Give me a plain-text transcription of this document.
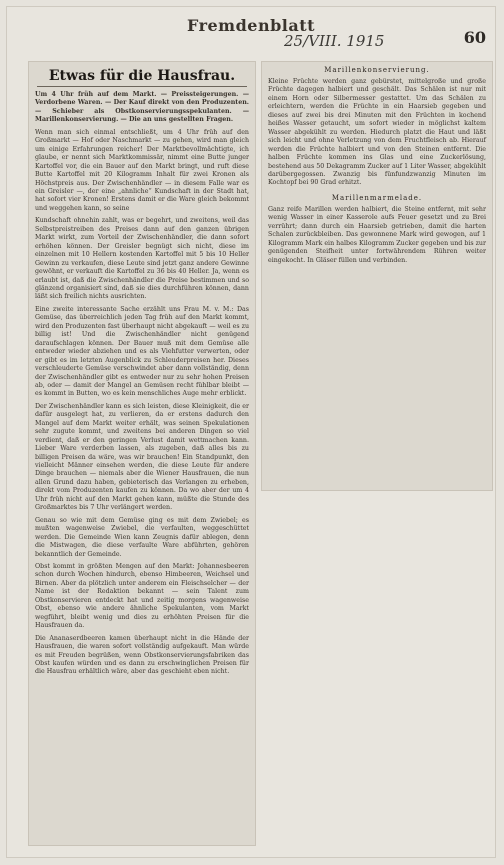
Fremdenblatt
25/VIII. 1915	60
Etwas für die Hausfrau.

Um 4 Uhr früh auf dem Markt. — Preissteigerungen. — Verdorbene Waren. — Der Kauf direkt von den Produzenten. — Schieber als Obstkonservierungsspekulanten. — Marillenkonservierung. — Die an uns gestellten Fragen.

Wenn man sich einmal entschließt, um 4 Uhr früh auf den Großmarkt — Hof oder Naschmarkt — zu gehen, wird man gleich um einige Erfahrungen reicher! Der Marktbevollmächtigte, ich glaube, er nennt sich Marktkommissär, nimmt eine Butte junger Kartoffel vor, die ein Bauer auf den Markt bringt, und ruft diese Butte Kartoffel mit 20 Kilogramm Inhalt für zwei Kronen als Höchstpreis aus. Der Zwischenhändler — in diesem Falle war es ein Greisler —, der eine „ahnliche“ Kundschaft in der Stadt hat, hat sofort vier Kronen! Erstens damit er die Ware gleich bekommt und weggehen kann, so seine

Kundschaft ohnehin zahlt, was er begehrt, und zweitens, weil das Selbstpreistreiben des Preises dann auf den ganzen übrigen Markt wirkt, zum Vorteil der Zwischenhändler, die dann sofort erhöhen können. Der Greisler begnügt sich nicht, diese im einzelnen mit 10 Hellern kostenden Kartoffel mit 5 bis 10 Heller Gewinn zu verkaufen, diese Leute sind jetzt ganz andere Gewinne gewöhnt, er verkauft die Kartoffel zu 36 bis 40 Heller. Ja, wenn es erlaubt ist, daß die Zwischenhändler die Preise bestimmen und so glänzend organisiert sind, daß sie dies durchführen können, dann läßt sich freilich nichts ausrichten.

Eine zweite interessante Sache erzählt uns Frau M. v. M.: Das Gemüse, das überreichlich jeden Tag früh auf den Markt kommt, wird den Produzenten fast überhaupt nicht abgekauft — weil es zu billig ist! Und die Zwischenhändler nicht genügend daraufschlagen können. Der Bauer muß mit dem Gemüse alle entweder wieder abziehen und es als Viehfutter verwerten, oder er gibt es im letzten Augenblick zu Schleuderpreisen her. Dieses verschleuderte Gemüse verschwindet aber dann vollständig, denn der Zwischenhändler gibt es entweder nur zu sehr hohen Preisen ab, oder — damit der Mangel an Gemüsen recht fühlbar bleibt — es kommt in Butten, wo es kein menschliches Auge mehr erblickt.

Der Zwischenhändler kann es sich leisten, diese Kleinigkeit, die er dafür ausgelegt hat, zu verlieren, da er erstens dadurch den Mangel auf dem Markt weiter erhält, was seinen Spekulationen sehr zugute kommt, und zweitens bei anderen Dingen so viel verdient, daß er den geringen Verlust damit wettmachen kann. Lieber Ware verderben lassen, als zugeben, daß alles bis zu billigen Preisen da wäre, was wir brauchen! Ein Standpunkt, den vielleicht Männer einsehen werden, die diese Leute für andere Dinge brauchen — niemals aber die Wiener Hausfrauen, die nun allen Grund dazu haben, gebieterisch das Verlangen zu erheben, direkt vom Produzenten kaufen zu können. Da wo aber der um 4 Uhr früh nicht auf den Markt gehen kann, müßte die Stunde des Großmarktes bis 7 Uhr verlängert werden.

Genau so wie mit dem Gemüse ging es mit dem Zwiebel; es mußten wagenweise Zwiebel, die verfaulten, weggeschüttet werden. Die Gemeinde Wien kann Zeugnis dafür ablegen, denn die Mistwagen, die diese verfaulte Ware abführten, gehören bekanntlich der Gemeinde.

Obst kommt in größten Mengen auf den Markt: Johannesbeeren schon durch Wochen hindurch, ebenso Himbeeren, Weichsel und Birnen. Aber da plötzlich unter anderem ein Fleischselcher — der Name ist der Redaktion bekannt — sein Talent zum Obstkonservieren entdeckt hat und zeitig morgens wagenweise Obst, ebenso wie andere ähnliche Spekulanten, vom Markt wegführt, bleibt wenig und dies zu erhöhten Preisen für die Hausfrauen da.

Die Ananaserdbeeren kamen überhaupt nicht in die Hände der Hausfrauen, die waren sofort vollständig aufgekauft. Man würde es mit Freuden begrüßen, wenn Obstkonservierungsfabriken das Obst kaufen würden und es dann zu erschwinglichen Preisen für die Hausfrau erhältlich wäre, aber das geschieht eben nicht.

Marillenkonservierung.

Kleine Früchte werden ganz gebürstet, mittelgroße und große Früchte dagegen halbiert und geschält. Das Schälen ist nur mit einem Horn oder Silbermesser gestattet. Um das Schälen zu erleichtern, werden die Früchte in ein Haarsieb gegeben und dieses auf zwei bis drei Minuten mit den Früchten in kochend heißes Wasser getaucht, um sofort wieder in möglichst kaltem Wasser abgekühlt zu werden. Hiedurch platzt die Haut und läßt sich leicht und ohne Verletzung von dem Fruchtfleisch ab. Hierauf werden die Früchte halbiert und von den Steinen entfernt. Die halben Früchte kommen ins Glas und eine Zuckerlösung, bestehend aus 50 Dekagramm Zucker auf 1 Liter Wasser, abgekühlt darübergegossen. Zwanzig bis fünfundzwanzig Minuten im Kochtopf bei 90 Grad erhitzt.

Marillenmarmelade.

Ganz reife Marillen werden halbiert, die Steine entfernt, mit sehr wenig Wasser in einer Kasserole aufs Feuer gesetzt und zu Brei verrührt; dann durch ein Haarsieb getrieben, damit die harten Schalen zurückbleiben. Das gewonnene Mark wird gewogen, auf 1 Kilogramm Mark ein halbes Kilogramm Zucker gegeben und bis zur genügenden Steifheit unter fortwährendem Rühren weiter eingekocht. In Gläser füllen und verbinden.
